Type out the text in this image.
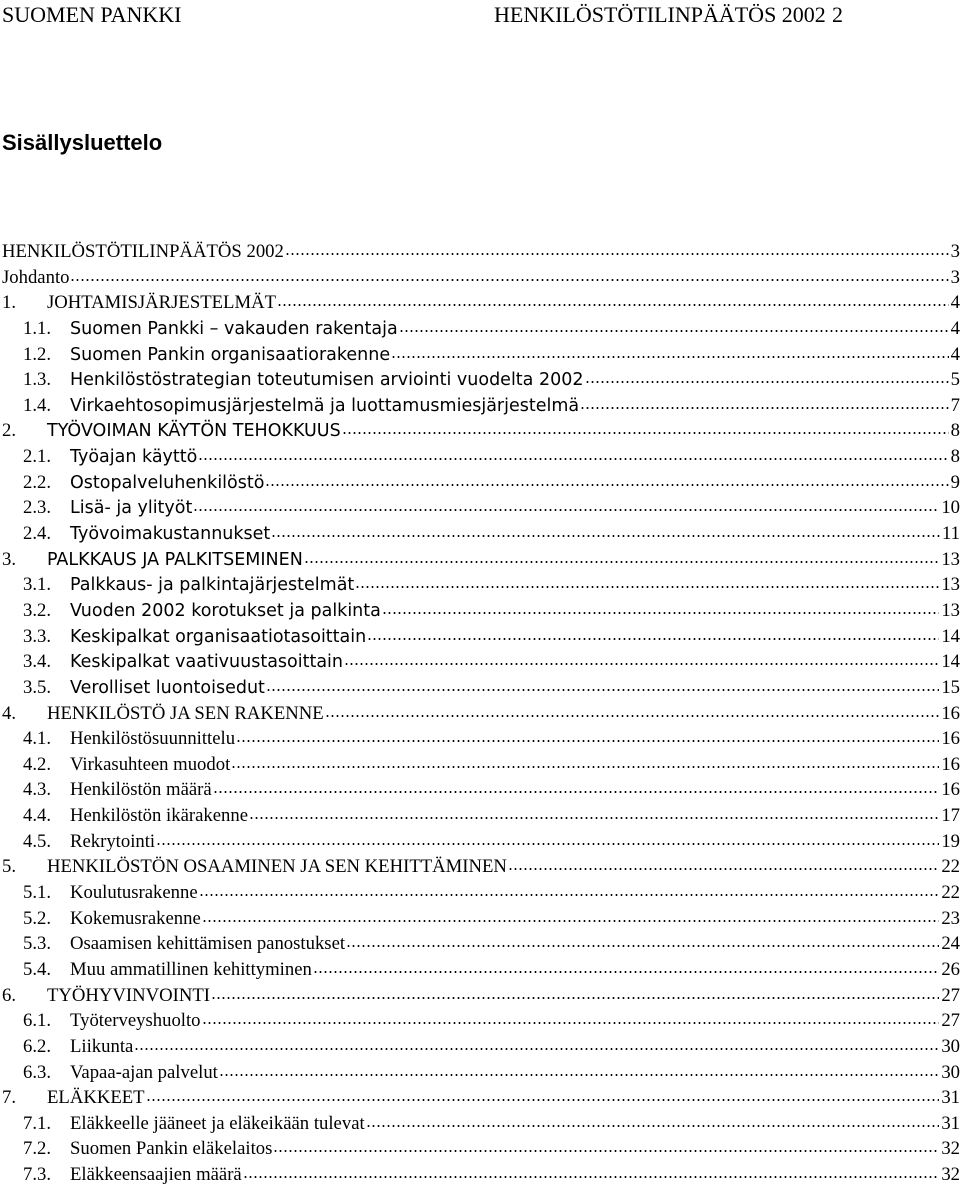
SUOMEN PANKKI	HENKILÖSTÖTILINPÄÄTÖS 2002 2
Sisällysluettelo
HENKILÖSTÖTILINPÄÄTÖS 2002	3
Johdanto	3
1.	JOHTAMISJÄRJESTELMÄT	4
1.1.	Suomen Pankki – vakauden rakentaja	4
1.2.	Suomen Pankin organisaatiorakenne	4
1.3.	Henkilöstöstrategian toteutumisen arviointi vuodelta 2002	5
1.4.	Virkaehtosopimusjärjestelmä ja luottamusmiesjärjestelmä	7
2.	TYÖVOIMAN KÄYTÖN TEHOKKUUS	8
2.1.	Työajan käyttö	8
2.2.	Ostopalveluhenkilöstö	9
2.3.	Lisä- ja ylityöt	10
2.4.	Työvoimakustannukset	11
3.	PALKKAUS JA PALKITSEMINEN	13
3.1.	Palkkaus- ja palkintajärjestelmät	13
3.2.	Vuoden 2002 korotukset ja palkinta	13
3.3.	Keskipalkat organisaatiotasoittain	14
3.4.	Keskipalkat vaativuustasoittain	14
3.5.	Verolliset luontoisedut	15
4.	HENKILÖSTÖ JA SEN RAKENNE	16
4.1.	Henkilöstösuunnittelu	16
4.2.	Virkasuhteen muodot	16
4.3.	Henkilöstön määrä	16
4.4.	Henkilöstön ikärakenne	17
4.5.	Rekrytointi	19
5.	HENKILÖSTÖN OSAAMINEN JA SEN KEHITTÄMINEN	22
5.1.	Koulutusrakenne	22
5.2.	Kokemusrakenne	23
5.3.	Osaamisen kehittämisen panostukset	24
5.4.	Muu ammatillinen kehittyminen	26
6.	TYÖHYVINVOINTI	27
6.1.	Työterveyshuolto	27
6.2.	Liikunta	30
6.3.	Vapaa-ajan palvelut	30
7.	ELÄKKEET	31
7.1.	Eläkkeelle jääneet ja eläkeikään tulevat	31
7.2.	Suomen Pankin eläkelaitos	32
7.3.	Eläkkeensaajien määrä	32
